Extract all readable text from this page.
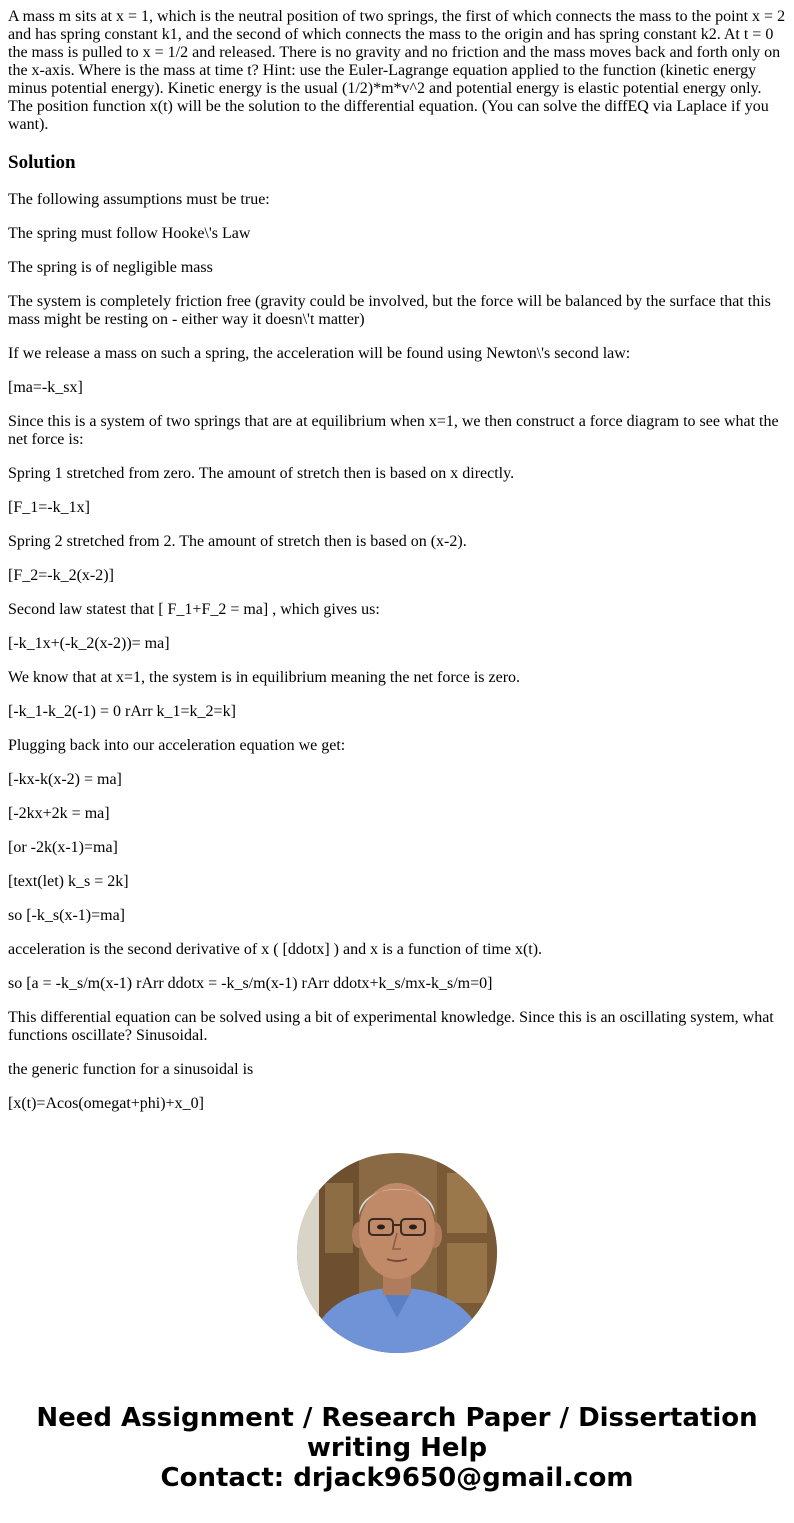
A mass m sits at x = 1, which is the neutral position of two springs, the first of which connects the mass to the point x = 2 and has spring constant k1, and the second of which connects the mass to the origin and has spring constant k2. At t = 0 the mass is pulled to x = 1/2 and released. There is no gravity and no friction and the mass moves back and forth only on the x-axis. Where is the mass at time t? Hint: use the Euler-Lagrange equation applied to the function (kinetic energy minus potential energy). Kinetic energy is the usual (1/2)*m*v^2 and potential energy is elastic potential energy only. The position function x(t) will be the solution to the differential equation. (You can solve the diffEQ via Laplace if you want).

Solution

The following assumptions must be true:

The spring must follow Hooke\'s Law

The spring is of negligible mass

The system is completely friction free (gravity could be involved, but the force will be balanced by the surface that this mass might be resting on - either way it doesn\'t matter)

If we release a mass on such a spring, the acceleration will be found using Newton\'s second law:

[ma=-k_sx]

Since this is a system of two springs that are at equilibrium when x=1, we then construct a force diagram to see what the net force is:

Spring 1 stretched from zero. The amount of stretch then is based on x directly.

[F_1=-k_1x]

Spring 2 stretched from 2. The amount of stretch then is based on (x-2).

[F_2=-k_2(x-2)]

Second law statest that [ F_1+F_2 = ma] , which gives us:

[-k_1x+(-k_2(x-2))= ma]

We know that at x=1, the system is in equilibrium meaning the net force is zero.

[-k_1-k_2(-1) = 0 rArr k_1=k_2=k]

Plugging back into our acceleration equation we get:

[-kx-k(x-2) = ma]

[-2kx+2k = ma]

[or -2k(x-1)=ma]

[text(let) k_s = 2k]

so [-k_s(x-1)=ma]

acceleration is the second derivative of x ( [ddotx] ) and x is a function of time x(t).

so [a = -k_s/m(x-1) rArr ddotx = -k_s/m(x-1) rArr ddotx+k_s/mx-k_s/m=0]

This differential equation can be solved using a bit of experimental knowledge. Since this is an oscillating system, what functions oscillate? Sinusoidal.

the generic function for a sinusoidal is

[x(t)=Acos(omegat+phi)+x_0]

Need Assignment / Research Paper / Dissertation
writing Help
Contact: drjack9650@gmail.com
